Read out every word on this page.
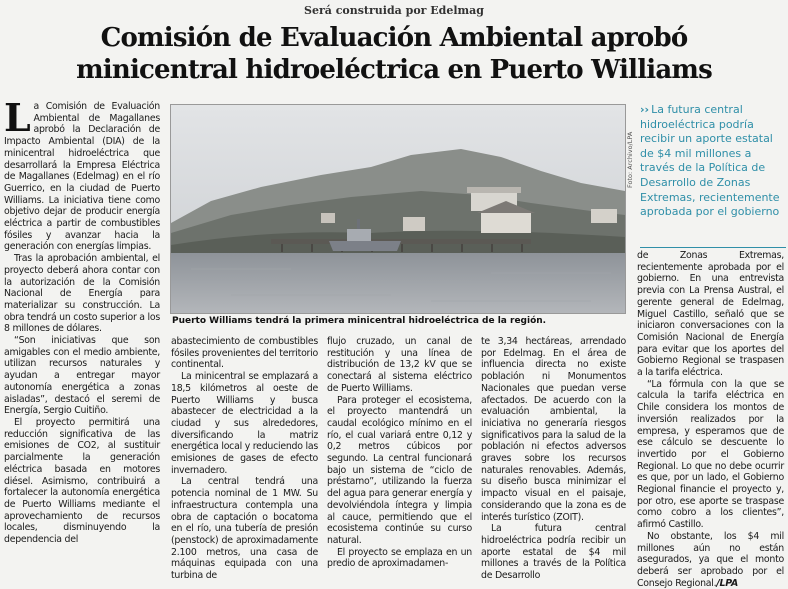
Será construida por Edelmag
Comisión de Evaluación Ambiental aprobó
minicentral hidroeléctrica en Puerto Williams

La Comisión de Evaluación Ambiental de Magallanes aprobó la Declaración de Impacto Ambiental (DIA) de la minicentral hidroeléctrica que desarrollará la Empresa Eléctrica de Magallanes (Edelmag) en el río Guerrico, en la ciudad de Puerto Williams. La iniciativa tiene como objetivo dejar de producir energía eléctrica a partir de combustibles fósiles y avanzar hacia la generación con energías limpias.

Tras la aprobación ambiental, el proyecto deberá ahora contar con la autorización de la Comisión Nacional de Energía para materializar su construcción. La obra tendrá un costo superior a los 8 millones de dólares.

“Son iniciativas que son amigables con el medio ambiente, utilizan recursos naturales y ayudan a entregar mayor autonomía energética a zonas aisladas”, destacó el seremi de Energía, Sergio Cuitiño.

El proyecto permitirá una reducción significativa de las emisiones de CO2, al sustituir parcialmente la generación eléctrica basada en motores diésel. Asimismo, contribuirá a fortalecer la autonomía energética de Puerto Williams mediante el aprovechamiento de recursos locales, disminuyendo la dependencia del

Foto: Archivo/LPA
Puerto Williams tendrá la primera minicentral hidroeléctrica de la región.
›› La futura central hidroeléctrica podría recibir un aporte estatal de $4 mil millones a través de la Política de Desarrollo de Zonas Extremas, recientemente aprobada por el gobierno

abastecimiento de combustibles fósiles provenientes del territorio continental.

La minicentral se emplazará a 18,5 kilómetros al oeste de Puerto Williams y busca abastecer de electricidad a la ciudad y sus alrededores, diversificando la matriz energética local y reduciendo las emisiones de gases de efecto invernadero.

La central tendrá una potencia nominal de 1 MW. Su infraestructura contempla una obra de captación o bocatoma en el río, una tubería de presión (penstock) de aproximadamente 2.100 metros, una casa de máquinas equipada con una turbina de

flujo cruzado, un canal de restitución y una línea de distribución de 13,2 kV que se conectará al sistema eléctrico de Puerto Williams.

Para proteger el ecosistema, el proyecto mantendrá un caudal ecológico mínimo en el río, el cual variará entre 0,12 y 0,2 metros cúbicos por segundo. La central funcionará bajo un sistema de “ciclo de préstamo”, utilizando la fuerza del agua para generar energía y devolviéndola íntegra y limpia al cauce, permitiendo que el ecosistema continúe su curso natural.

El proyecto se emplaza en un predio de aproximadamen-

te 3,34 hectáreas, arrendado por Edelmag. En el área de influencia directa no existe población ni Monumentos Nacionales que puedan verse afectados. De acuerdo con la evaluación ambiental, la iniciativa no generaría riesgos significativos para la salud de la población ni efectos adversos graves sobre los recursos naturales renovables. Además, su diseño busca minimizar el impacto visual en el paisaje, considerando que la zona es de interés turístico (ZOIT).

La futura central hidroeléctrica podría recibir un aporte estatal de $4 mil millones a través de la Política de Desarrollo

de Zonas Extremas, recientemente aprobada por el gobierno. En una entrevista previa con La Prensa Austral, el gerente general de Edelmag, Miguel Castillo, señaló que se iniciaron conversaciones con la Comisión Nacional de Energía para evitar que los aportes del Gobierno Regional se traspasen a la tarifa eléctrica.

“La fórmula con la que se calcula la tarifa eléctrica en Chile considera los montos de inversión realizados por la empresa, y esperamos que de ese cálculo se descuente lo invertido por el Gobierno Regional. Lo que no debe ocurrir es que, por un lado, el Gobierno Regional financie el proyecto y, por otro, ese aporte se traspase como cobro a los clientes”, afirmó Castillo.

No obstante, los $4 mil millones aún no están asegurados, ya que el monto deberá ser aprobado por el Consejo Regional./LPA
